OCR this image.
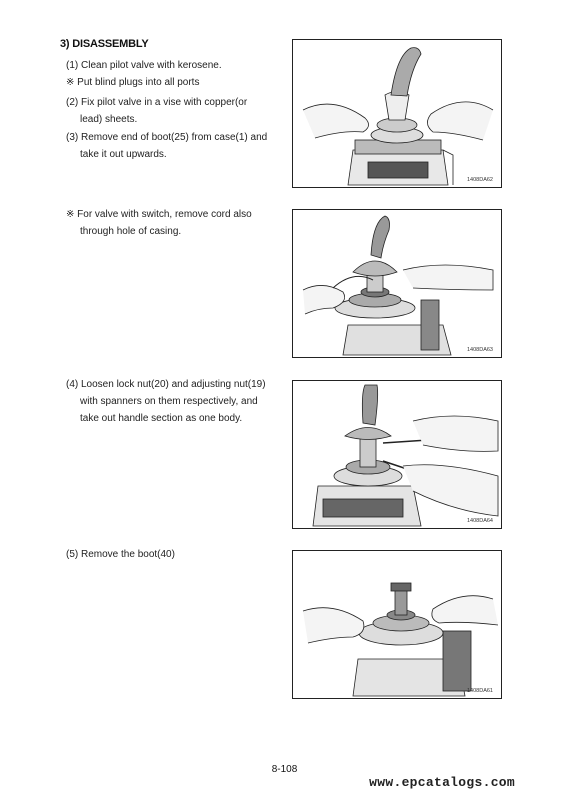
3) DISASSEMBLY
(1) Clean pilot valve with kerosene.
※ Put blind plugs into all ports
(2) Fix pilot valve in a vise with copper(or
lead) sheets.
(3) Remove end of boot(25) from case(1) and
take it out upwards.
※ For valve with switch, remove cord also
through hole of casing.
(4) Loosen lock nut(20) and adjusting nut(19)
with spanners on them respectively, and
take out handle section as one body.
(5) Remove the boot(40)
1408DA62
1408DA63
1408DA64
1408DA61
8-108
www.epcatalogs.com
